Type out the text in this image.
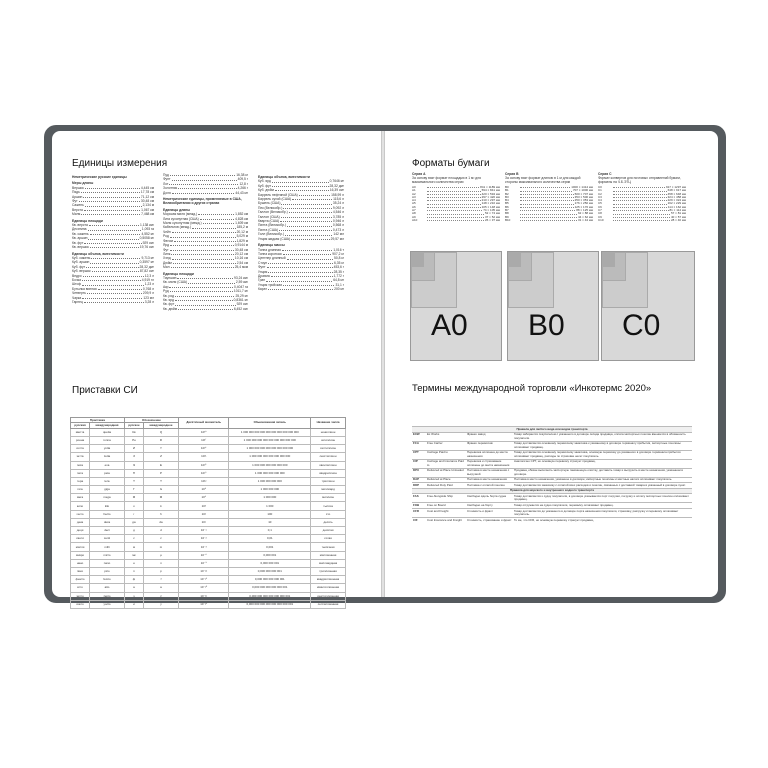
Единицы измерения
Неметрические русские единицы
Меры длины
Вершок	4,445 см
Пядь	17,78 см
Аршин	71,12 см
Фут	30,48 см
Сажень	2,134 м
Верста	1,067 км
Миля	7,468 км
Единицы площади
Кв. верста	1,138 км²
Десятина	1,093 га
Кв. сажень	4,552 м²
Кв. аршин	0,5058 м²
Кв. фут	929 см²
Кв. вершок	19,76 см²
Единицы объема, вместимости
Куб. сажень	9,713 м³
Куб. аршин	0,3597 м³
Куб. фут	28,32 дм³
Куб. вершок	87,82 см³
Ведро	12,3 л
Бочка	4,919 гл
Штоф	1,23 л
Бутылка винная	0,768 л
Четверть	209,9 л
Чарка	123 мл
Гарнец	3,28 л
Пуд	16,38 кг
Фунт	409,5 г
Лот	12,8 г
Золотник	4,266 г
Доля	44,43 мг
Неметрические единицы, применяемые в США, Великобритании и других странах
Единицы длины
Морская миля (межд.)	1,852 км
Лига сухопутная (США)	4,828 км
Миля сухопутная (межд.)	1,609 км
Кабельтов (межд.)	185,2 м
Чейн	20,12 м
Род	5,029 м
Фатом	1,829 м
Ярд	0,9144 м
Фут	30,48 см
Линк	20,12 см
Хэнд	10,16 см
Дюйм	2,54 см
Мил	25,4 мкм
Единицы площади
Тауншип	93,24 км²
Кв. миля (США)	2,59 км²
Акр	0,4047 га
Руд	1011,7 м²
Кв. род	25,29 м²
Кв. ярд	0,8361 м²
Кв. фут	929 см²
Кв. дюйм	6,452 см²
Единицы объема, вместимости
Куб. ярд	0,7646 м³
Куб. фут	28,32 дм³
Куб. дюйм	16,39 см³
Баррель нефтяной (США)	158,99 л
Баррель сухой (США)	115,6 л
Бушель (США)	35,24 л
Пек (Великобр.)	9,092 л
Галлон (Великобр.)	4,546 л
Галлон (США)	3,785 л
Кварта (США)	0,946 л
Пинта (Великобр.)	0,568 л
Пинта (США)	0,473 л
Гилл (Великобр.)	142 мл
Унция жидкая (США)	29,57 мл
Единицы массы
Тонна длинная	1,016 т
Тонна короткая	907,2 кг
Центнер длинный	50,8 кг
Стоун	6,35 кг
Фунт	453,6 г
Унция	28,35 г
Драхма	1,772 г
Гран	64,8 мг
Унция тройская	31,1 г
Карат	200 мг
Приставки СИ
Приставка		Обозначение		Десятичный множитель	Обыкновенная запись	Название числа
русская	международная	русское	международное			
кветта	quetta	Кв	Q	10³⁰	1 000 000 000 000 000 000 000 000 000 000	нониллион
ронна	ronna	Рн	R	10²⁷	1 000 000 000 000 000 000 000 000 000	октиллион
иотта	yotta	И	Y	10²⁴	1 000 000 000 000 000 000 000 000	септиллион
зетта	zetta	З	Z	10²¹	1 000 000 000 000 000 000 000	секстиллион
экса	exa	Э	E	10¹⁸	1 000 000 000 000 000 000	квинтиллион
пета	peta	П	P	10¹⁵	1 000 000 000 000 000	квадриллион
тера	tera	Т	T	10¹²	1 000 000 000 000	триллион
гига	giga	Г	G	10⁹	1 000 000 000	миллиард
мега	mega	М	M	10⁶	1 000 000	миллион
кило	kilo	к	k	10³	1 000	тысяча
гекто	hecto	г	h	10²	100	сто
дека	deca	да	da	10¹	10	десять
деци	deci	д	d	10⁻¹	0,1	десятая
санти	centi	с	c	10⁻²	0,01	сотая
милли	milli	м	m	10⁻³	0,001	тысячная
микро	micro	мк	µ	10⁻⁶	0,000 001	миллионная
нано	nano	н	n	10⁻⁹	0,000 000 001	миллиардная
пико	pico	п	p	10⁻¹²	0,000 000 000 001	триллионная
фемто	femto	ф	f	10⁻¹⁵	0,000 000 000 000 001	квадриллионная
атто	atto	а	a	10⁻¹⁸	0,000 000 000 000 000 001	квинтиллионная
зепто	zepto	з	z	10⁻²¹	0,000 000 000 000 000 000 001	секстиллионная
иокто	yocto	и	y	10⁻²⁴	0,000 000 000 000 000 000 000 001	септиллионная
Форматы бумаги
Серия А
За основу взят формат площадью в 1 м² для максимального количества серии
A0	841 × 1189 мм
A1	594 × 841 мм
A2	420 × 594 мм
A3	297 × 420 мм
A4	210 × 297 мм
A5	148 × 210 мм
A6	105 × 148 мм
A7	74 × 105 мм
A8	52 × 74 мм
A9	37 × 52 мм
A10	26 × 37 мм
Серия В
За основу взят формат длиною в 1 м для каждой стороны максимального количества серии
B0	1000 × 1414 мм
B1	707 × 1000 мм
B2	500 × 707 мм
B3	353 × 500 мм
B4	250 × 353 мм
B5	176 × 250 мм
B6	125 × 176 мм
B7	88 × 125 мм
B8	62 × 88 мм
B9	44 × 62 мм
B10	31 × 44 мм
Серия С
Формат конвертов для почтовых отправлений бумаги, форматы на Ч.Б.ЭТЦ
C0	917 × 1297 мм
C1	648 × 917 мм
C2	458 × 648 мм
C3	324 × 458 мм
C4	229 × 324 мм
C5	162 × 229 мм
C6	114 × 162 мм
C7	81 × 114 мм
C8	57 × 81 мм
C9	40 × 57 мм
C10	28 × 40 мм
A0 B0 C0
Термины международной торговли «Инкотермс 2020»
Правила для любого вида или видов транспорта			
EXW	Ex Works	Франко завод	Товар забирается покупателем с указанного в договоре склада продавца, оплата экспортных пошлин вменяется в обязанность покупателя.
FCA	Free Carrier	Франко перевозчик	Товар доставляется основному перевозчику заказчика к указанному в договоре терминалу прибытия, экспортные пошлины оплачивает продавец.
CPT	Carriage Paid to	Перевозка оплачена до места назначения	Товар доставляется основному перевозчику заказчика, основную перевозку до указанного в договоре терминала прибытия оплачивает продавец, расходы по страховке несет покупатель.
CIP	Carriage and Insurance Paid to	Перевозка и страхование оплачены до места назначения	Аналогично CPT, но основную перевозку страхует продавец.
DPU	Delivered at Place Unloaded	Поставка в месте назначения с выгрузкой	Продавец обязан выполнить экспортную таможенную очистку, доставить товар и выгрузить в месте назначения, указанном в договоре.
DAP	Delivered at Place	Поставка в месте назначения	Поставка в место назначения, указанное в договоре; импортные пошлины и местные налоги оплачивает покупатель.
DDP	Delivered Duty Paid	Поставка с оплатой пошлин	Товар доставляется заказчику с оплатой всех расходов и пошлин, связанных с доставкой товара в указанный в договоре пункт.
Правила для морского и внутреннего водного транспорта			
FAS	Free Alongside Ship	Свободно вдоль борта судна	Товар доставляется к судну покупателя, в договоре указывается порт погрузки, погрузку и оплату экспортных пошлин оплачивает продавец.
FOB	Free on Board	Свободно на борту	Товар отгружается на судно покупателя, перевалку оплачивает продавец.
CFR	Cost and Freight	Стоимость и фрахт	Товар доставляется до указанного в договоре порта назначения покупателя, страховку, разгрузку и перевозку оплачивает покупатель.
CIF	Cost Insurance and Freight	Стоимость, страхование и фрахт	То же, что CFR, но основную перевозку страхует продавец.
